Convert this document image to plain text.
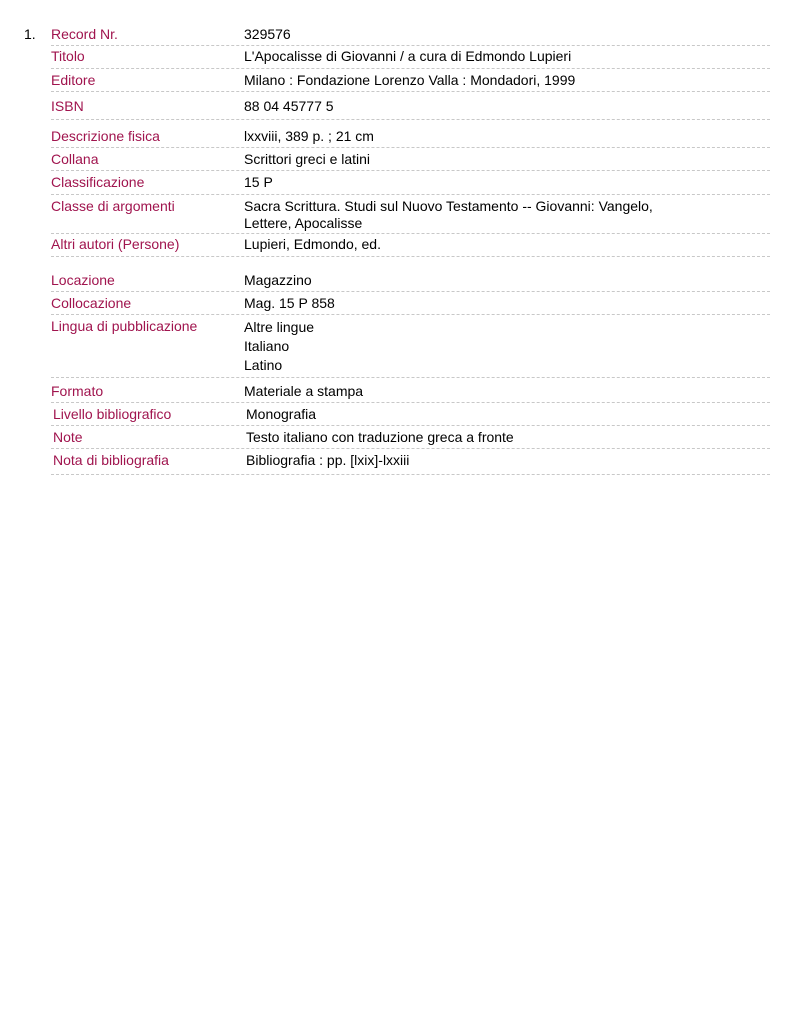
1. Record Nr.	329576
Titolo	L'Apocalisse di Giovanni / a cura di Edmondo Lupieri
Editore	Milano : Fondazione Lorenzo Valla : Mondadori, 1999
ISBN	88 04 45777 5
Descrizione fisica	lxxviii, 389 p. ; 21 cm
Collana	Scrittori greci e latini
Classificazione	15 P
Classe di argomenti	Sacra Scrittura. Studi sul Nuovo Testamento -- Giovanni: Vangelo,
Lettere, Apocalisse
Altri autori (Persone)	Lupieri, Edmondo, ed.
Locazione	Magazzino
Collocazione	Mag. 15 P 858
Lingua di pubblicazione	Altre lingue
Italiano
Latino
Formato	Materiale a stampa
Livello bibliografico	Monografia
Note	Testo italiano con traduzione greca a fronte
Nota di bibliografia	Bibliografia : pp. [lxix]-lxxiii
